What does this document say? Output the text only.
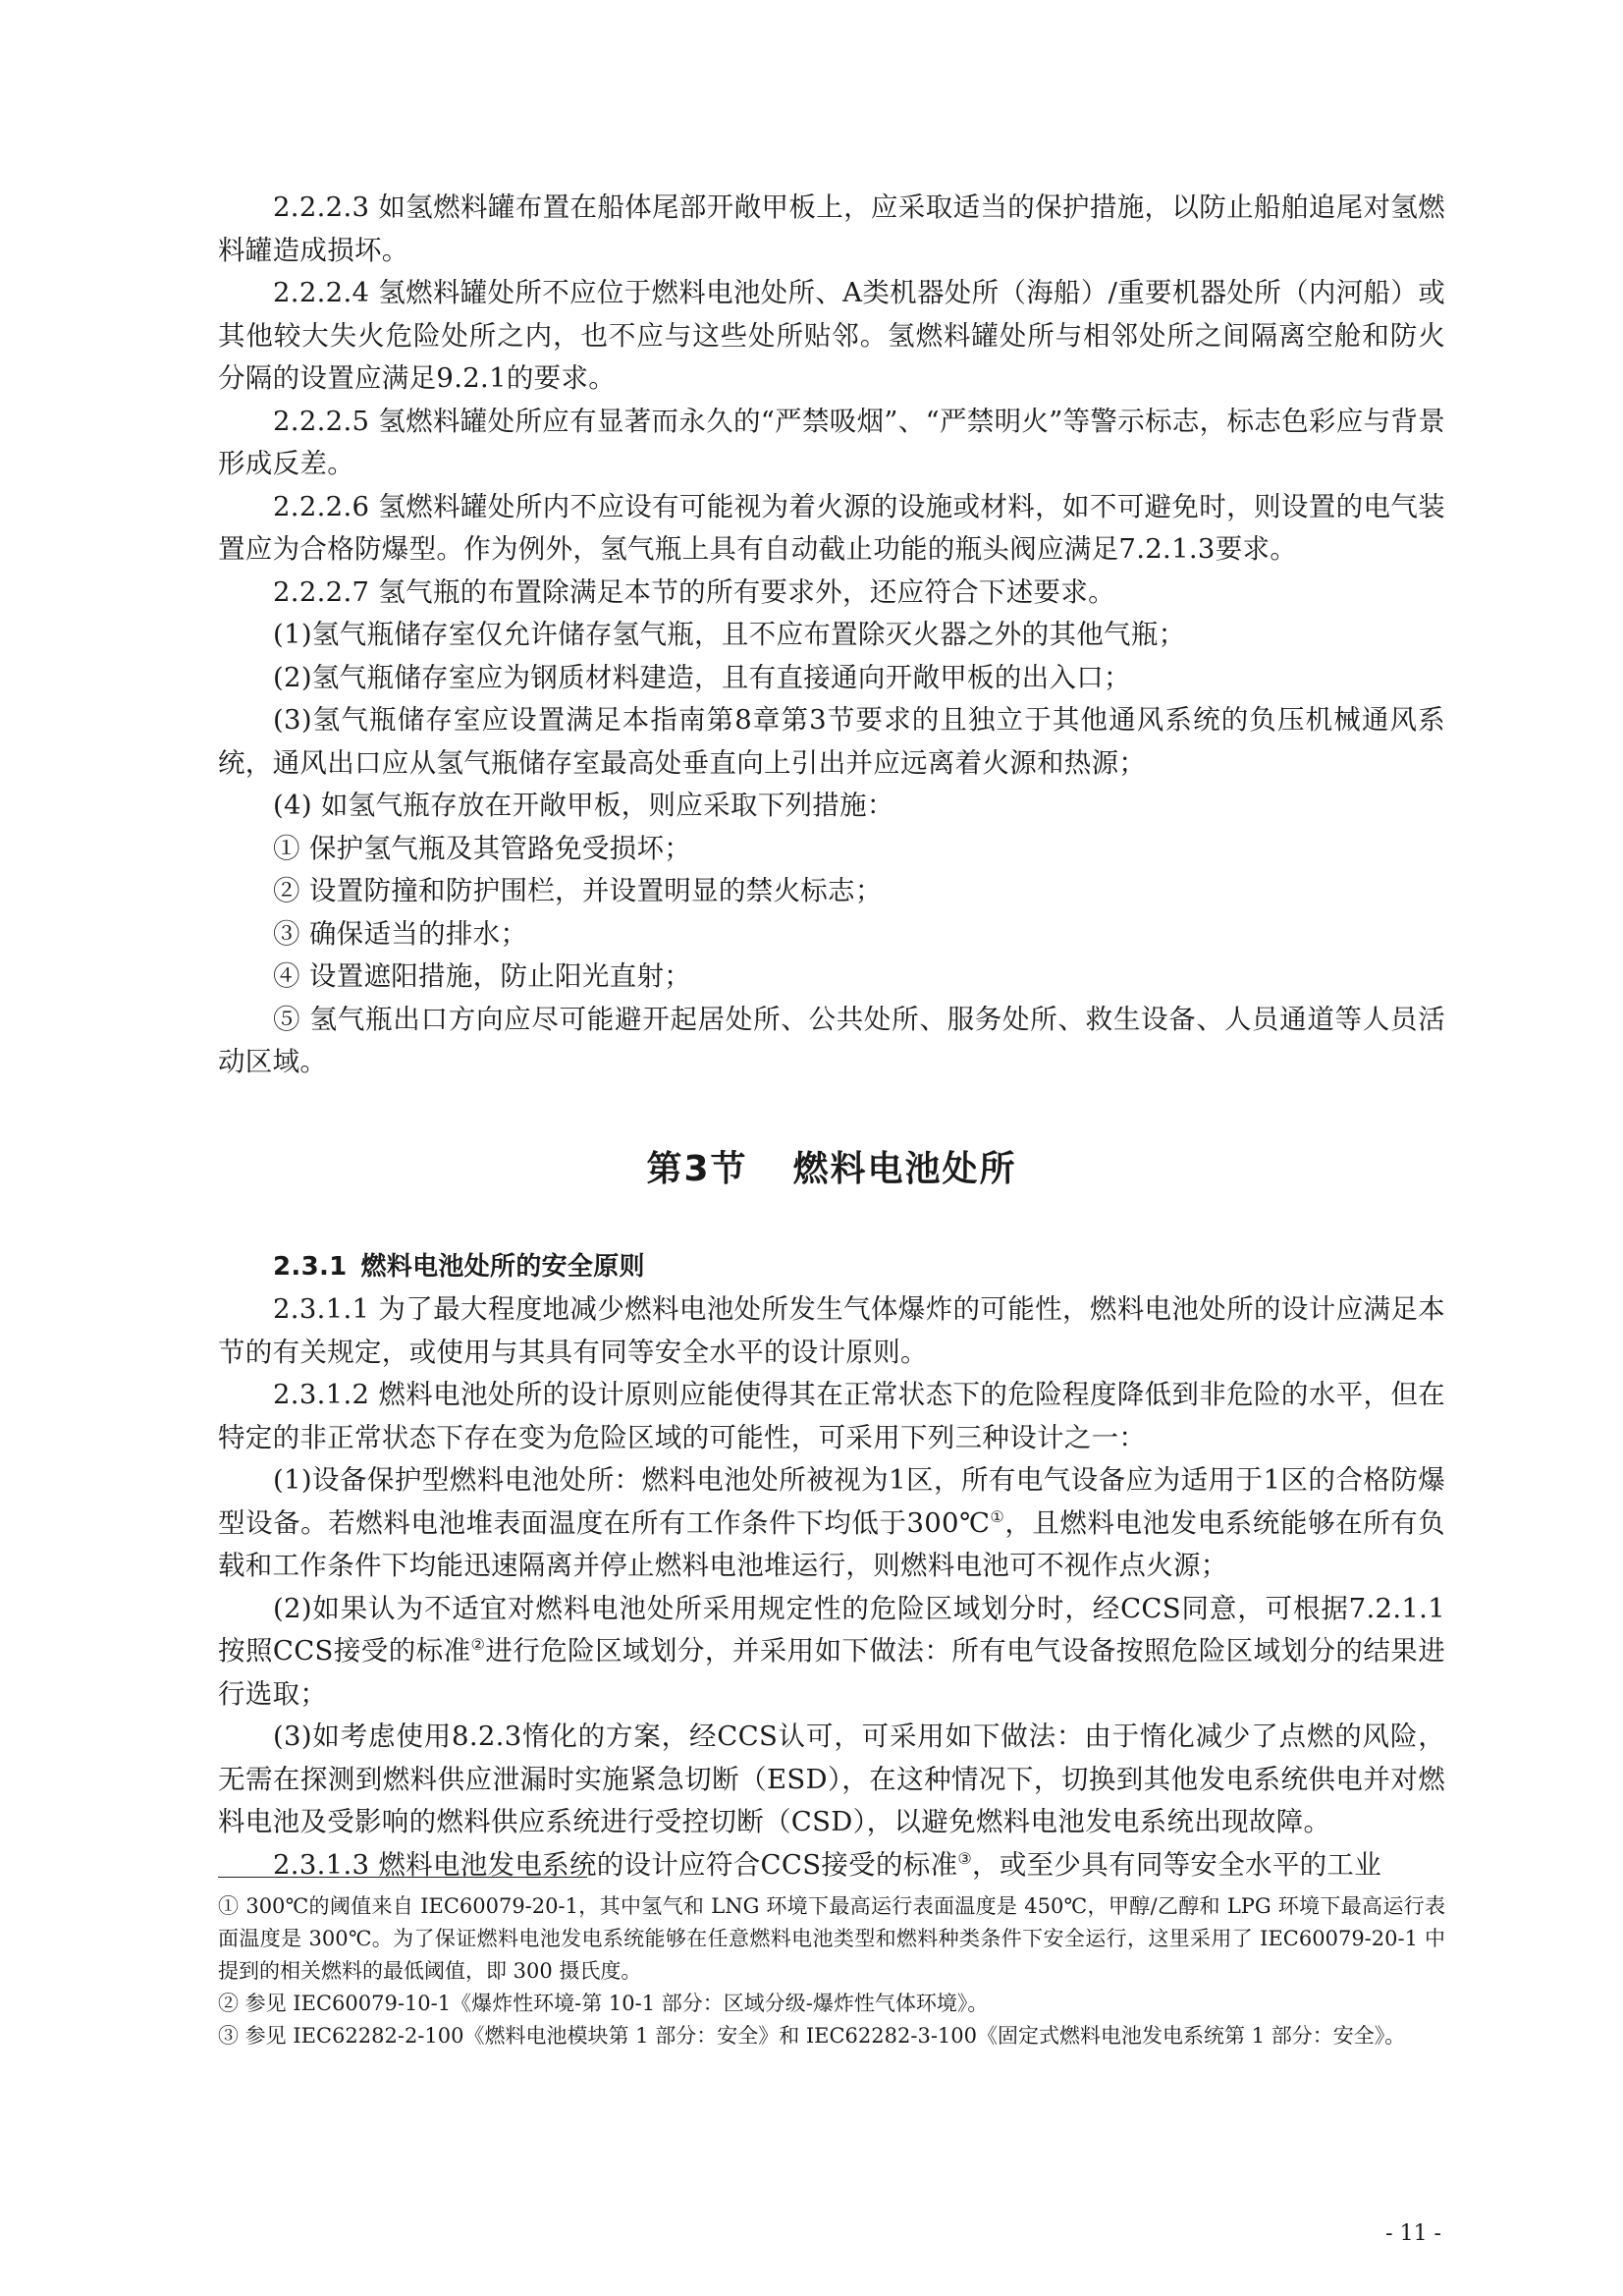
2.2.2.3 如氢燃料罐布置在船体尾部开敞甲板上，应采取适当的保护措施，以防止船舶追尾对氢燃料罐造成损坏。

2.2.2.4 氢燃料罐处所不应位于燃料电池处所、A类机器处所（海船）/重要机器处所（内河船）或其他较大失火危险处所之内，也不应与这些处所贴邻。氢燃料罐处所与相邻处所之间隔离空舱和防火分隔的设置应满足9.2.1的要求。

2.2.2.5 氢燃料罐处所应有显著而永久的“严禁吸烟”、“严禁明火”等警示标志，标志色彩应与背景形成反差。

2.2.2.6 氢燃料罐处所内不应设有可能视为着火源的设施或材料，如不可避免时，则设置的电气装置应为合格防爆型。作为例外，氢气瓶上具有自动截止功能的瓶头阀应满足7.2.1.3要求。

2.2.2.7 氢气瓶的布置除满足本节的所有要求外，还应符合下述要求。

(1)氢气瓶储存室仅允许储存氢气瓶，且不应布置除灭火器之外的其他气瓶；

(2)氢气瓶储存室应为钢质材料建造，且有直接通向开敞甲板的出入口；

(3)氢气瓶储存室应设置满足本指南第8章第3节要求的且独立于其他通风系统的负压机械通风系统，通风出口应从氢气瓶储存室最高处垂直向上引出并应远离着火源和热源；

(4) 如氢气瓶存放在开敞甲板，则应采取下列措施：

① 保护氢气瓶及其管路免受损坏；

② 设置防撞和防护围栏，并设置明显的禁火标志；

③ 确保适当的排水；

④ 设置遮阳措施，防止阳光直射；

⑤ 氢气瓶出口方向应尽可能避开起居处所、公共处所、服务处所、救生设备、人员通道等人员活动区域。

第3节 燃料电池处所

2.3.1 燃料电池处所的安全原则

2.3.1.1 为了最大程度地减少燃料电池处所发生气体爆炸的可能性，燃料电池处所的设计应满足本节的有关规定，或使用与其具有同等安全水平的设计原则。

2.3.1.2 燃料电池处所的设计原则应能使得其在正常状态下的危险程度降低到非危险的水平，但在特定的非正常状态下存在变为危险区域的可能性，可采用下列三种设计之一：

(1)设备保护型燃料电池处所：燃料电池处所被视为1区，所有电气设备应为适用于1区的合格防爆型设备。若燃料电池堆表面温度在所有工作条件下均低于300℃①，且燃料电池发电系统能够在所有负载和工作条件下均能迅速隔离并停止燃料电池堆运行，则燃料电池可不视作点火源；

(2)如果认为不适宜对燃料电池处所采用规定性的危险区域划分时，经CCS同意，可根据7.2.1.1按照CCS接受的标准②进行危险区域划分，并采用如下做法：所有电气设备按照危险区域划分的结果进行选取；

(3)如考虑使用8.2.3惰化的方案，经CCS认可，可采用如下做法：由于惰化减少了点燃的风险，无需在探测到燃料供应泄漏时实施紧急切断（ESD），在这种情况下，切换到其他发电系统供电并对燃料电池及受影响的燃料供应系统进行受控切断（CSD），以避免燃料电池发电系统出现故障。

2.3.1.3 燃料电池发电系统的设计应符合CCS接受的标准③，或至少具有同等安全水平的工业

① 300℃的阈值来自 IEC60079-20-1，其中氢气和 LNG 环境下最高运行表面温度是 450℃，甲醇/乙醇和 LPG 环境下最高运行表面温度是 300℃。为了保证燃料电池发电系统能够在任意燃料电池类型和燃料种类条件下安全运行，这里采用了 IEC60079-20-1 中提到的相关燃料的最低阈值，即 300 摄氏度。

② 参见 IEC60079-10-1《爆炸性环境-第 10-1 部分：区域分级-爆炸性气体环境》。

③ 参见 IEC62282-2-100《燃料电池模块第 1 部分：安全》和 IEC62282-3-100《固定式燃料电池发电系统第 1 部分：安全》。

- 11 -
